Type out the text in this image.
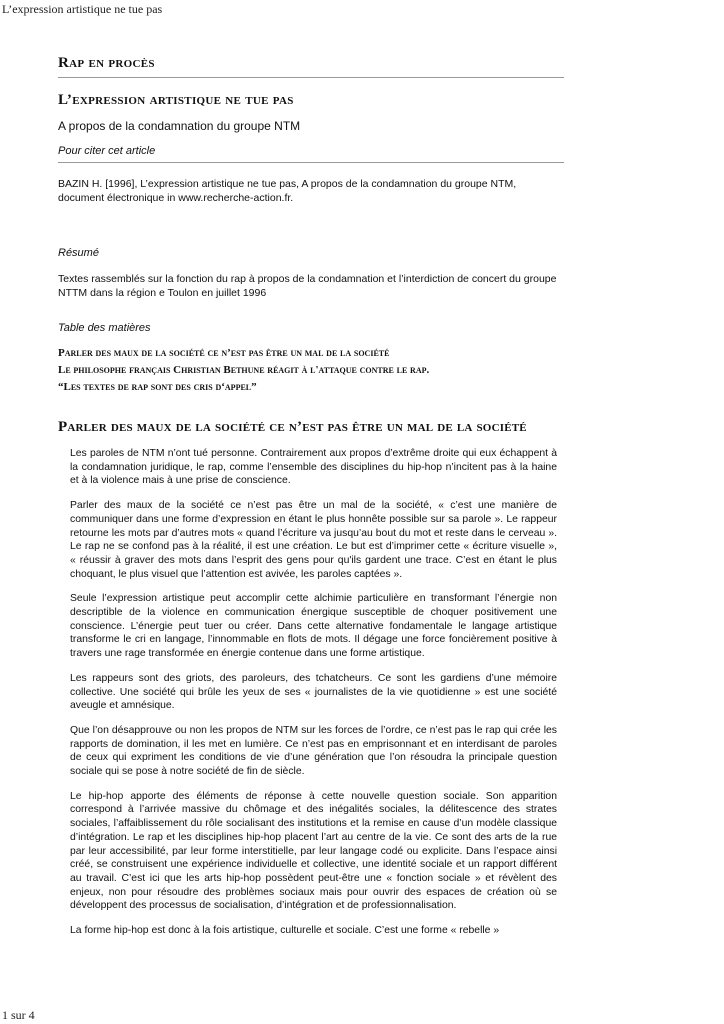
L’expression artistique ne tue pas
Rap en procès
L’expression artistique ne tue pas
A propos de la condamnation du groupe NTM
Pour citer cet article
BAZIN H. [1996], L’expression artistique ne tue pas, A propos de la condamnation du groupe NTM, document électronique in www.recherche-action.fr.
Résumé
Textes rassemblés sur la fonction du rap à propos de la condamnation et l’interdiction de concert du groupe NTTM dans la région e Toulon en juillet 1996
Table des matières
Parler des maux de la société ce n’est pas être un mal de la société
Le philosophe français Christian Bethune réagit à l'attaque contre le rap.
“Les textes de rap sont des cris d‘appel”
Parler des maux de la société ce n’est pas être un mal de la société

Les paroles de NTM n’ont tué personne. Contrairement aux propos d’extrême droite qui eux échappent à la condamnation juridique, le rap, comme l’ensemble des disciplines du hip-hop n’incitent pas à la haine et à la violence mais à une prise de conscience.

Parler des maux de la société ce n’est pas être un mal de la société, « c’est une manière de communiquer dans une forme d’expression en étant le plus honnête possible sur sa parole ». Le rappeur retourne les mots par d’autres mots « quand l’écriture va jusqu’au bout du mot et reste dans le cerveau ». Le rap ne se confond pas à la réalité, il est une création. Le but est d’imprimer cette « écriture visuelle », « réussir à graver des mots dans l’esprit des gens pour qu'ils gardent une trace. C’est en étant le plus choquant, le plus visuel que l’attention est avivée, les paroles captées ».

Seule l’expression artistique peut accomplir cette alchimie particulière en transformant l’énergie non descriptible de la violence en communication énergique susceptible de choquer positivement une conscience. L’énergie peut tuer ou créer. Dans cette alternative fondamentale le langage artistique transforme le cri en langage, l’innommable en flots de mots. Il dégage une force foncièrement positive à travers une rage transformée en énergie contenue dans une forme artistique.

Les rappeurs sont des griots, des paroleurs, des tchatcheurs. Ce sont les gardiens d’une mémoire collective. Une société qui brûle les yeux de ses « journalistes de la vie quotidienne » est une société aveugle et amnésique.

Que l’on désapprouve ou non les propos de NTM sur les forces de l’ordre, ce n’est pas le rap qui crée les rapports de domination, il les met en lumière. Ce n’est pas en emprisonnant et en interdisant de paroles de ceux qui expriment les conditions de vie d’une génération que l’on résoudra la principale question sociale qui se pose à notre société de fin de siècle.

Le hip-hop apporte des éléments de réponse à cette nouvelle question sociale. Son apparition correspond à l’arrivée massive du chômage et des inégalités sociales, la délitescence des strates sociales, l’affaiblissement du rôle socialisant des institutions et la remise en cause d’un modèle classique d’intégration. Le rap et les disciplines hip-hop placent l’art au centre de la vie. Ce sont des arts de la rue par leur accessibilité, par leur forme interstitielle, par leur langage codé ou explicite. Dans l’espace ainsi créé, se construisent une expérience individuelle et collective, une identité sociale et un rapport différent au travail. C’est ici que les arts hip-hop possèdent peut-être une « fonction sociale » et révèlent des enjeux, non pour résoudre des problèmes sociaux mais pour ouvrir des espaces de création où se développent des processus de socialisation, d’intégration et de professionnalisation.

La forme hip-hop est donc à la fois artistique, culturelle et sociale. C’est une forme « rebelle »

1 sur 4
